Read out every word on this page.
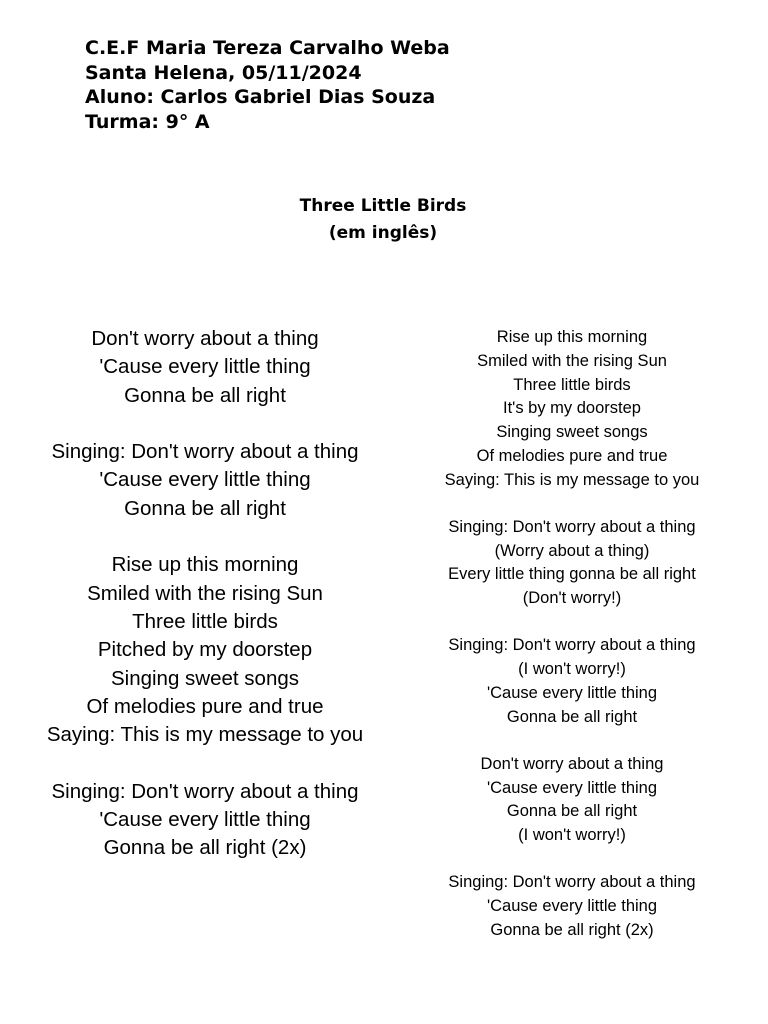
C.E.F Maria Tereza Carvalho Weba
Santa Helena, 05/11/2024
Aluno: Carlos Gabriel Dias Souza
Turma: 9° A
Three Little Birds
(em inglês)

Don't worry about a thing
'Cause every little thing
Gonna be all right

Singing: Don't worry about a thing
'Cause every little thing
Gonna be all right

Rise up this morning
Smiled with the rising Sun
Three little birds
Pitched by my doorstep
Singing sweet songs
Of melodies pure and true
Saying: This is my message to you

Singing: Don't worry about a thing
'Cause every little thing
Gonna be all right (2x)

Rise up this morning
Smiled with the rising Sun
Three little birds
It's by my doorstep
Singing sweet songs
Of melodies pure and true
Saying: This is my message to you

Singing: Don't worry about a thing
(Worry about a thing)
Every little thing gonna be all right
(Don't worry!)

Singing: Don't worry about a thing
(I won't worry!)
'Cause every little thing
Gonna be all right

Don't worry about a thing
'Cause every little thing
Gonna be all right
(I won't worry!)

Singing: Don't worry about a thing
'Cause every little thing
Gonna be all right (2x)
